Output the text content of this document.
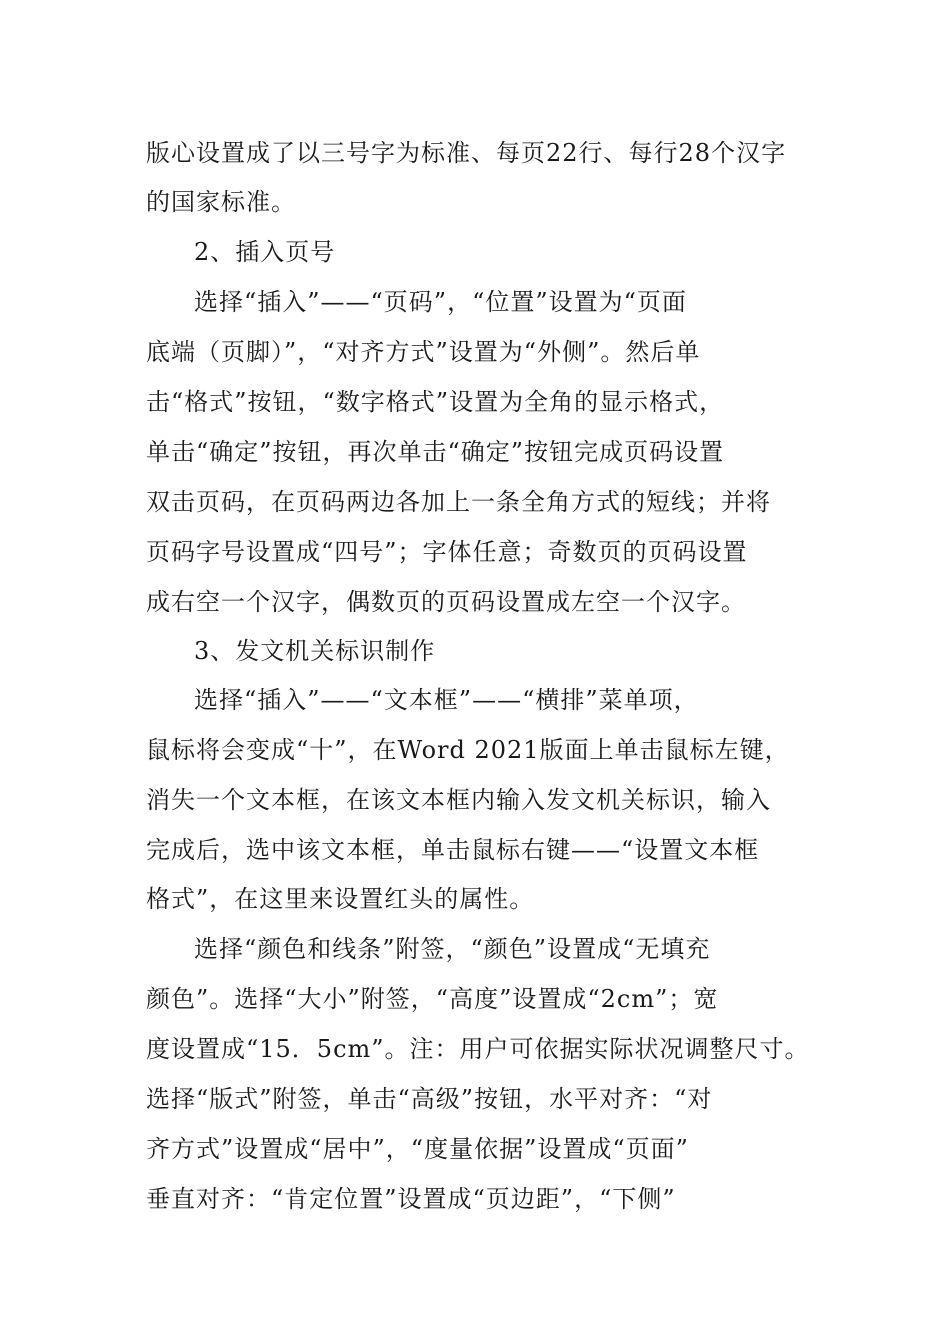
版心设置成了以三号字为标准、每页22行、每行28个汉字
的国家标准。
2、插入页号
选择“插入”——“页码”，“位置”设置为“页面
底端（页脚）”，“对齐方式”设置为“外侧”。然后单
击“格式”按钮，“数字格式”设置为全角的显示格式，
单击“确定”按钮，再次单击“确定”按钮完成页码设置
双击页码，在页码两边各加上一条全角方式的短线；并将
页码字号设置成“四号”；字体任意；奇数页的页码设置
成右空一个汉字，偶数页的页码设置成左空一个汉字。
3、发文机关标识制作
选择“插入”——“文本框”——“横排”菜单项，
鼠标将会变成“十”，在Word 2021版面上单击鼠标左键，
消失一个文本框，在该文本框内输入发文机关标识，输入
完成后，选中该文本框，单击鼠标右键——“设置文本框
格式”，在这里来设置红头的属性。
选择“颜色和线条”附签，“颜色”设置成“无填充
颜色”。选择“大小”附签，“高度”设置成“2cm”；宽
度设置成“15．5cm”。注：用户可依据实际状况调整尺寸。
选择“版式”附签，单击“高级”按钮，水平对齐：“对
齐方式”设置成“居中”，“度量依据”设置成“页面”
垂直对齐：“肯定位置”设置成“页边距”，“下侧”
